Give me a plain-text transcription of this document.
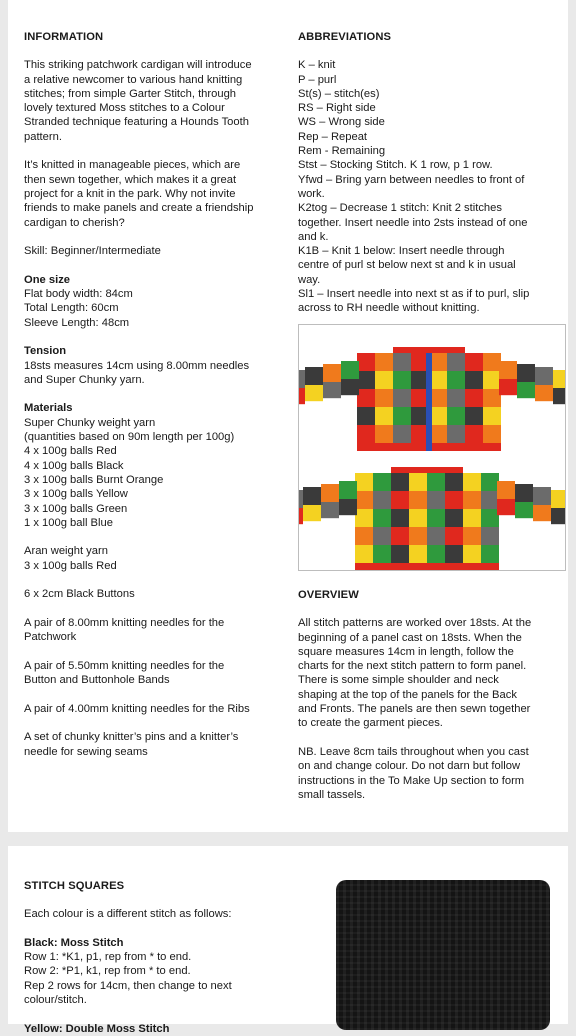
INFORMATION

This striking patchwork cardigan will introduce

a relative newcomer to various hand knitting

stitches; from simple Garter Stitch, through

lovely textured Moss stitches to a Colour

Stranded technique featuring a Hounds Tooth

pattern.

It’s knitted in manageable pieces, which are

then sewn together, which makes it a great

project for a knit in the park. Why not invite

friends to make panels and create a friendship

cardigan to cherish?

Skill: Beginner/Intermediate

One size

Flat body width: 84cm

Total Length: 60cm

Sleeve Length: 48cm

Tension

18sts measures 14cm using 8.00mm needles

and Super Chunky yarn.

Materials

Super Chunky weight yarn

(quantities based on 90m length per 100g)

4 x 100g balls Red

4 x 100g balls Black

3 x 100g balls Burnt Orange

3 x 100g balls Yellow

3 x 100g balls Green

1 x 100g ball Blue

Aran weight yarn

3 x 100g balls Red

6 x 2cm Black Buttons

A pair of 8.00mm knitting needles for the

Patchwork

A pair of 5.50mm knitting needles for the

Button and Buttonhole Bands

A pair of 4.00mm knitting needles for the Ribs

A set of chunky knitter’s pins and a knitter’s

needle for sewing seams

ABBREVIATIONS

K – knit

P – purl

St(s) – stitch(es)

RS – Right side

WS – Wrong side

Rep – Repeat

Rem - Remaining

Stst – Stocking Stitch. K 1 row, p 1 row.

Yfwd – Bring yarn between needles to front of

work.

K2tog – Decrease 1 stitch: Knit 2 stitches

together. Insert needle into 2sts instead of one

and k.

K1B – Knit 1 below: Insert needle through

centre of purl st below next st and k in usual

way.

Sl1 – Insert needle into next st as if to purl, slip

across to RH needle without knitting.

OVERVIEW

All stitch patterns are worked over 18sts. At the

beginning of a panel cast on 18sts. When the

square measures 14cm in length, follow the

charts for the next stitch pattern to form panel.

There is some simple shoulder and neck

shaping at the top of the panels for the Back

and Fronts. The panels are then sewn together

to create the garment pieces.

NB. Leave 8cm tails throughout when you cast

on and change colour. Do not darn but follow

instructions in the To Make Up section to form

small tassels.

STITCH SQUARES

Each colour is a different stitch as follows:

Black: Moss Stitch

Row 1: *K1, p1, rep from * to end.

Row 2: *P1, k1, rep from * to end.

Rep 2 rows for 14cm, then change to next

colour/stitch.

Yellow: Double Moss Stitch
